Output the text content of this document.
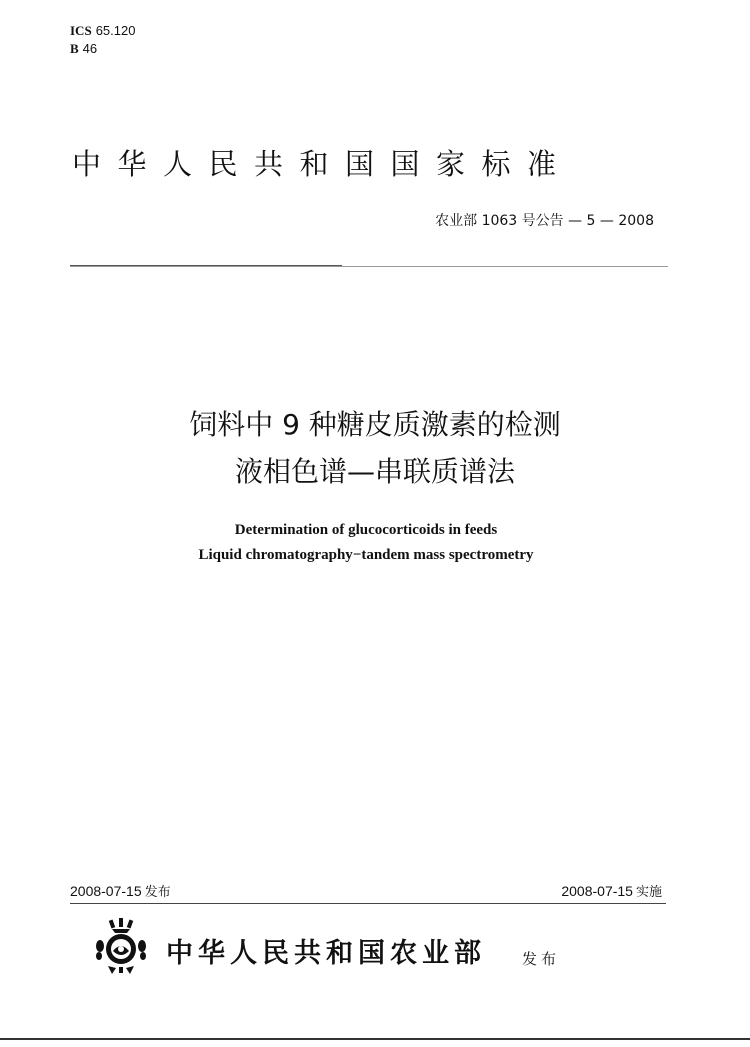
ICS 65.120
B 46
中华人民共和国国家标准
农业部 1063 号公告 — 5 — 2008
饲料中 9 种糖皮质激素的检测
液相色谱—串联质谱法
Determination of glucocorticoids in feeds
Liquid chromatography−tandem mass spectrometry
2008-07-15 发布	2008-07-15 实施
中华人民共和国农业部 发布
